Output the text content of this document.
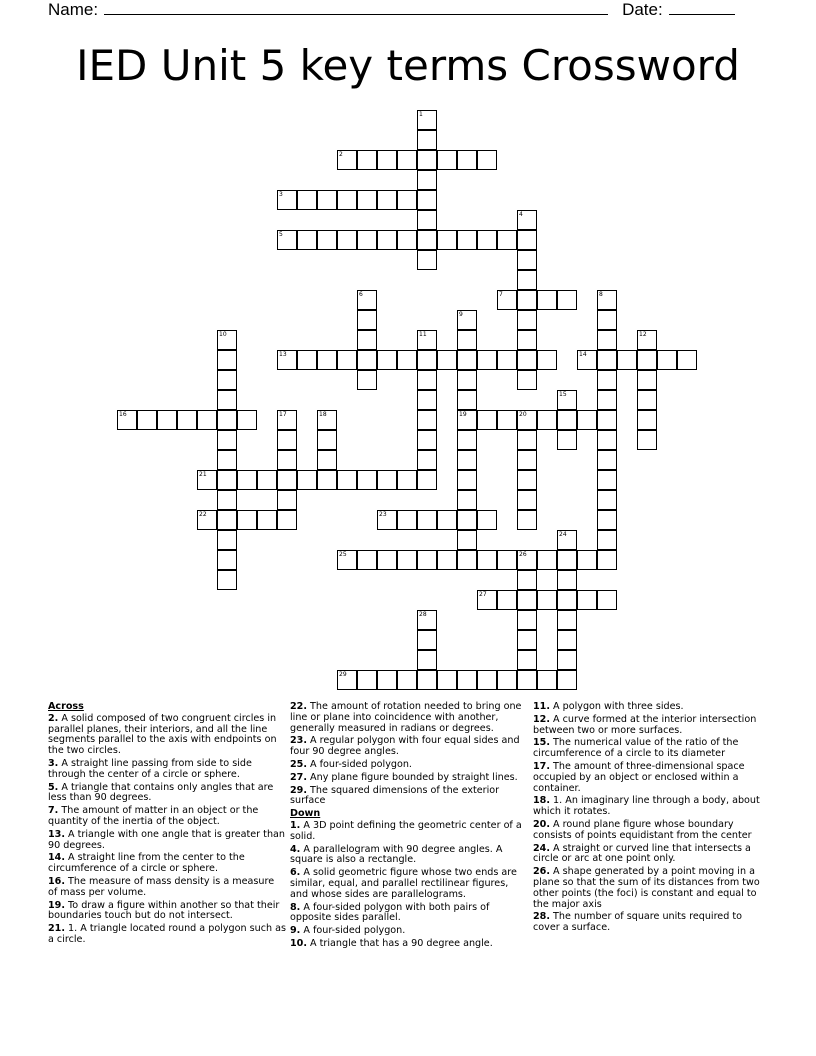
Name:	Date:
IED Unit 5 key terms Crossword
2
3
5
7
13	14
16	19	20
21
22	23
25	26
27
29
1
4
6	8
9
10	11	12
15
17	18
24
28
Across
2. A solid composed of two congruent circles in parallel planes, their interiors, and all the line segments parallel to the axis with endpoints on the two circles.
3. A straight line passing from side to side through the center of a circle or sphere.
5. A triangle that contains only angles that are less than 90 degrees.
7. The amount of matter in an object or the quantity of the inertia of the object.
13. A triangle with one angle that is greater than 90 degrees.
14. A straight line from the center to the circumference of a circle or sphere.
16. The measure of mass density is a measure of mass per volume.
19. To draw a figure within another so that their boundaries touch but do not intersect.
21. 1. A triangle located round a polygon such as a circle.
22. The amount of rotation needed to bring one line or plane into coincidence with another, generally measured in radians or degrees.
23. A regular polygon with four equal sides and four 90 degree angles.
25. A four-sided polygon.
27. Any plane figure bounded by straight lines.
29. The squared dimensions of the exterior surface
Down
1. A 3D point defining the geometric center of a solid.
4. A parallelogram with 90 degree angles. A square is also a rectangle.
6. A solid geometric figure whose two ends are similar, equal, and parallel rectilinear figures, and whose sides are parallelograms.
8. A four-sided polygon with both pairs of opposite sides parallel.
9. A four-sided polygon.
10. A triangle that has a 90 degree angle.
11. A polygon with three sides.
12. A curve formed at the interior intersection between two or more surfaces.
15. The numerical value of the ratio of the circumference of a circle to its diameter
17. The amount of three-dimensional space occupied by an object or enclosed within a container.
18. 1. An imaginary line through a body, about which it rotates.
20. A round plane figure whose boundary consists of points equidistant from the center
24. A straight or curved line that intersects a circle or arc at one point only.
26. A shape generated by a point moving in a plane so that the sum of its distances from two other points (the foci) is constant and equal to the major axis
28. The number of square units required to cover a surface.
